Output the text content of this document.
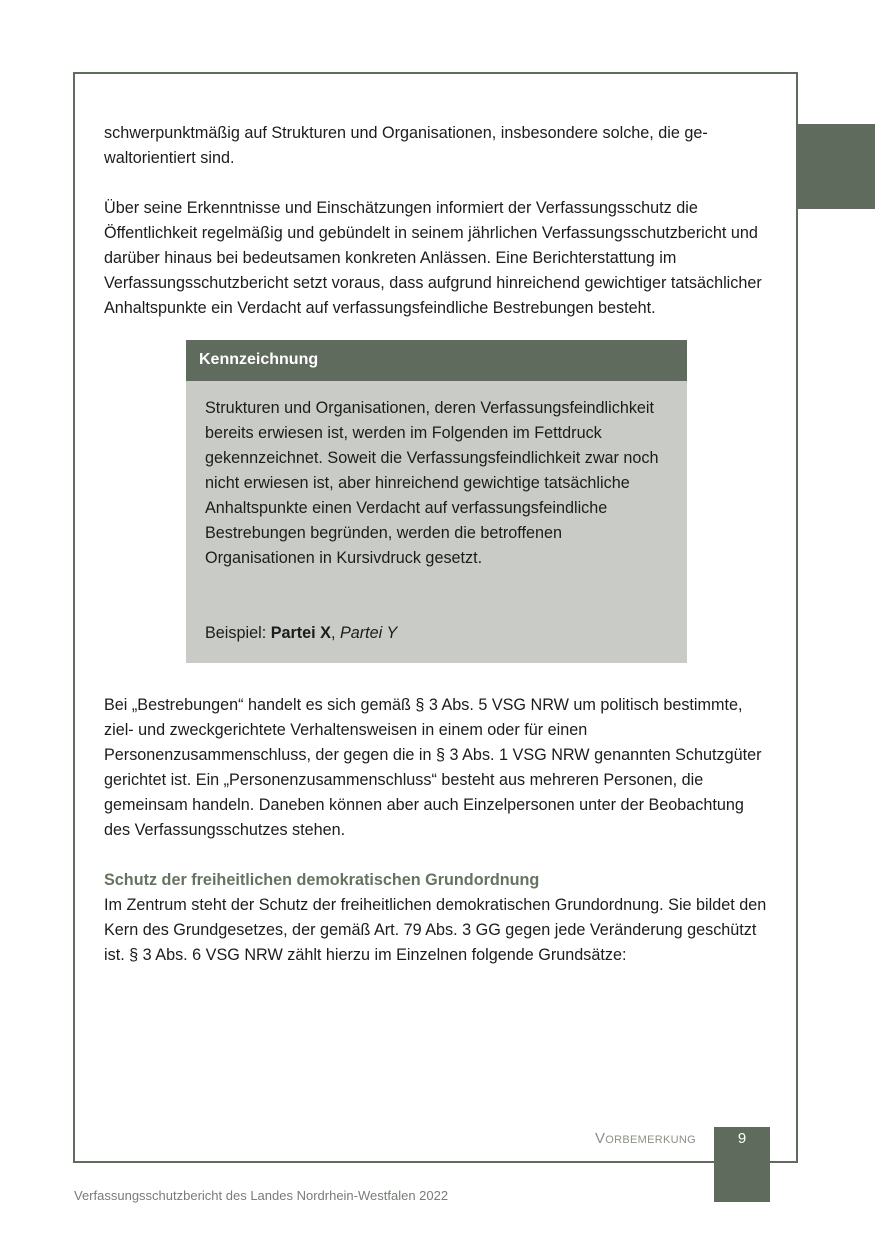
schwerpunktmäßig auf Strukturen und Organisationen, insbesondere solche, die gewaltorientiert sind.

Über seine Erkenntnisse und Einschätzungen informiert der Verfassungsschutz die Öffentlichkeit regelmäßig und gebündelt in seinem jährlichen Verfassungsschutzbericht und darüber hinaus bei bedeutsamen konkreten Anlässen. Eine Berichterstattung im Verfassungsschutzbericht setzt voraus, dass aufgrund hinreichend gewichtiger tatsächlicher Anhaltspunkte ein Verdacht auf verfassungsfeindliche Bestrebungen besteht.

Kennzeichnung

Strukturen und Organisationen, deren Verfassungsfeindlichkeit bereits erwiesen ist, werden im Folgenden im Fettdruck gekennzeichnet. Soweit die Verfassungsfeindlichkeit zwar noch nicht erwiesen ist, aber hinreichend gewichtige tatsächliche Anhaltspunkte einen Verdacht auf verfassungsfeindliche Bestrebungen begründen, werden die betroffenen Organisationen in Kursivdruck gesetzt.

Beispiel: Partei X, Partei Y

Bei „Bestrebungen“ handelt es sich gemäß § 3 Abs. 5 VSG NRW um politisch bestimmte, ziel- und zweckgerichtete Verhaltensweisen in einem oder für einen Personenzusammenschluss, der gegen die in § 3 Abs. 1 VSG NRW genannten Schutzgüter gerichtet ist. Ein „Personenzusammenschluss“ besteht aus mehreren Personen, die gemeinsam handeln. Daneben können aber auch Einzelpersonen unter der Beobachtung des Verfassungsschutzes stehen.

Schutz der freiheitlichen demokratischen Grundordnung

Im Zentrum steht der Schutz der freiheitlichen demokratischen Grundordnung. Sie bildet den Kern des Grundgesetzes, der gemäß Art. 79 Abs. 3 GG gegen jede Veränderung geschützt ist. § 3 Abs. 6 VSG NRW zählt hierzu im Einzelnen folgende Grundsätze:

Vorbemerkung	9
Verfassungsschutzbericht des Landes Nordrhein-Westfalen 2022
